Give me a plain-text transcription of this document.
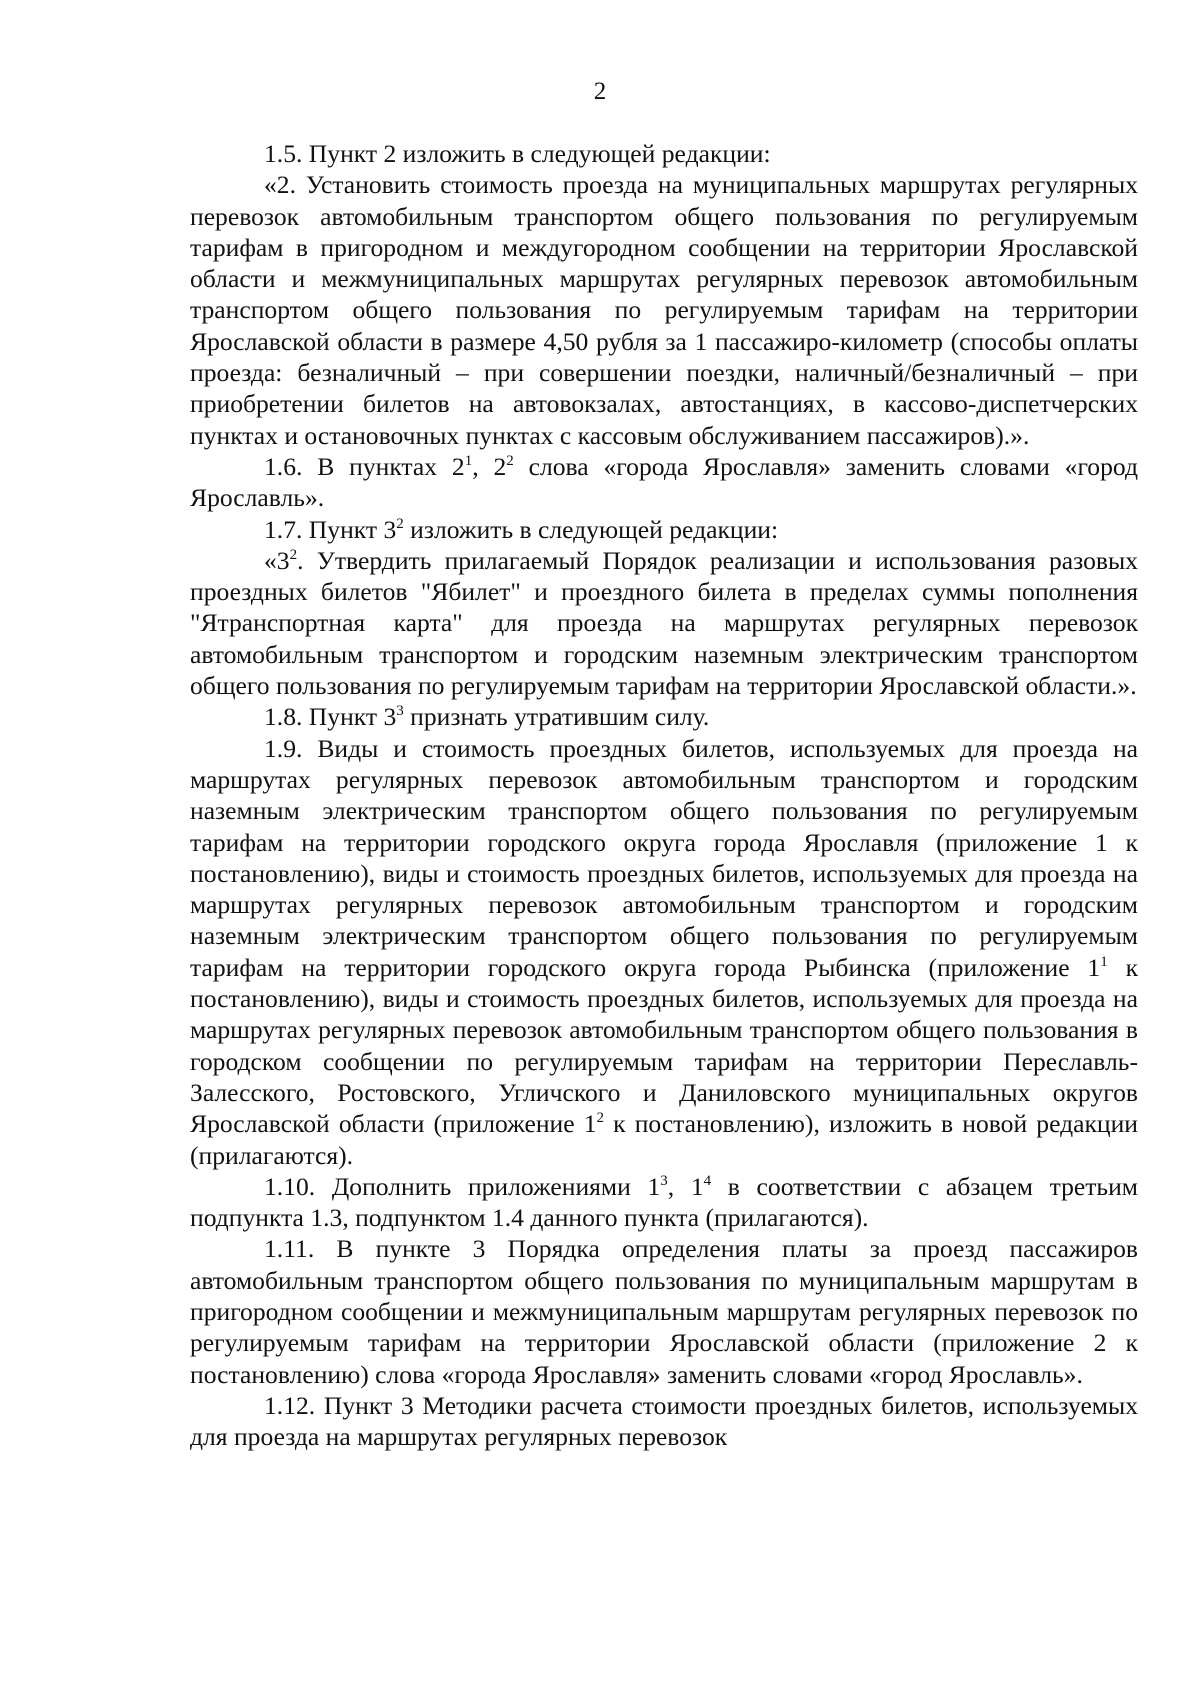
2

1.5. Пункт 2 изложить в следующей редакции:

«2. Установить стоимость проезда на муниципальных маршрутах регулярных перевозок автомобильным транспортом общего пользования по регулируемым тарифам в пригородном и междугородном сообщении на территории Ярославской области и межмуниципальных маршрутах регулярных перевозок автомобильным транспортом общего пользования по регулируемым тарифам на территории Ярославской области в размере 4,50 рубля за 1 пассажиро-километр (способы оплаты проезда: безналичный – при совершении поездки, наличный/безналичный – при приобретении билетов на автовокзалах, автостанциях, в кассово-диспетчерских пунктах и остановочных пунктах с кассовым обслуживанием пассажиров).».

1.6. В пунктах $2^1$, $2^2$ слова «города Ярославля» заменить словами «город Ярославль».

1.7. Пункт $3^2$ изложить в следующей редакции:

«$3^2$. Утвердить прилагаемый Порядок реализации и использования разовых проездных билетов "Ябилет" и проездного билета в пределах суммы пополнения "Ятранспортная карта" для проезда на маршрутах регулярных перевозок автомобильным транспортом и городским наземным электрическим транспортом общего пользования по регулируемым тарифам на территории Ярославской области.».

1.8. Пункт $3^3$ признать утратившим силу.

1.9. Виды и стоимость проездных билетов, используемых для проезда на маршрутах регулярных перевозок автомобильным транспортом и городским наземным электрическим транспортом общего пользования по регулируемым тарифам на территории городского округа города Ярославля (приложение 1 к постановлению), виды и стоимость проездных билетов, используемых для проезда на маршрутах регулярных перевозок автомобильным транспортом и городским наземным электрическим транспортом общего пользования по регулируемым тарифам на территории городского округа города Рыбинска (приложение $1^1$ к постановлению), виды и стоимость проездных билетов, используемых для проезда на маршрутах регулярных перевозок автомобильным транспортом общего пользования в городском сообщении по регулируемым тарифам на территории Переславль-Залесского, Ростовского, Угличского и Даниловского муниципальных округов Ярославской области (приложение $1^2$ к постановлению), изложить в новой редакции (прилагаются).

1.10. Дополнить приложениями $1^3$, $1^4$ в соответствии с абзацем третьим подпункта 1.3, подпунктом 1.4 данного пункта (прилагаются).

1.11. В пункте 3 Порядка определения платы за проезд пассажиров автомобильным транспортом общего пользования по муниципальным маршрутам в пригородном сообщении и межмуниципальным маршрутам регулярных перевозок по регулируемым тарифам на территории Ярославской области (приложение 2 к постановлению) слова «города Ярославля» заменить словами «город Ярославль».

1.12. Пункт 3 Методики расчета стоимости проездных билетов, используемых для проезда на маршрутах регулярных перевозок
